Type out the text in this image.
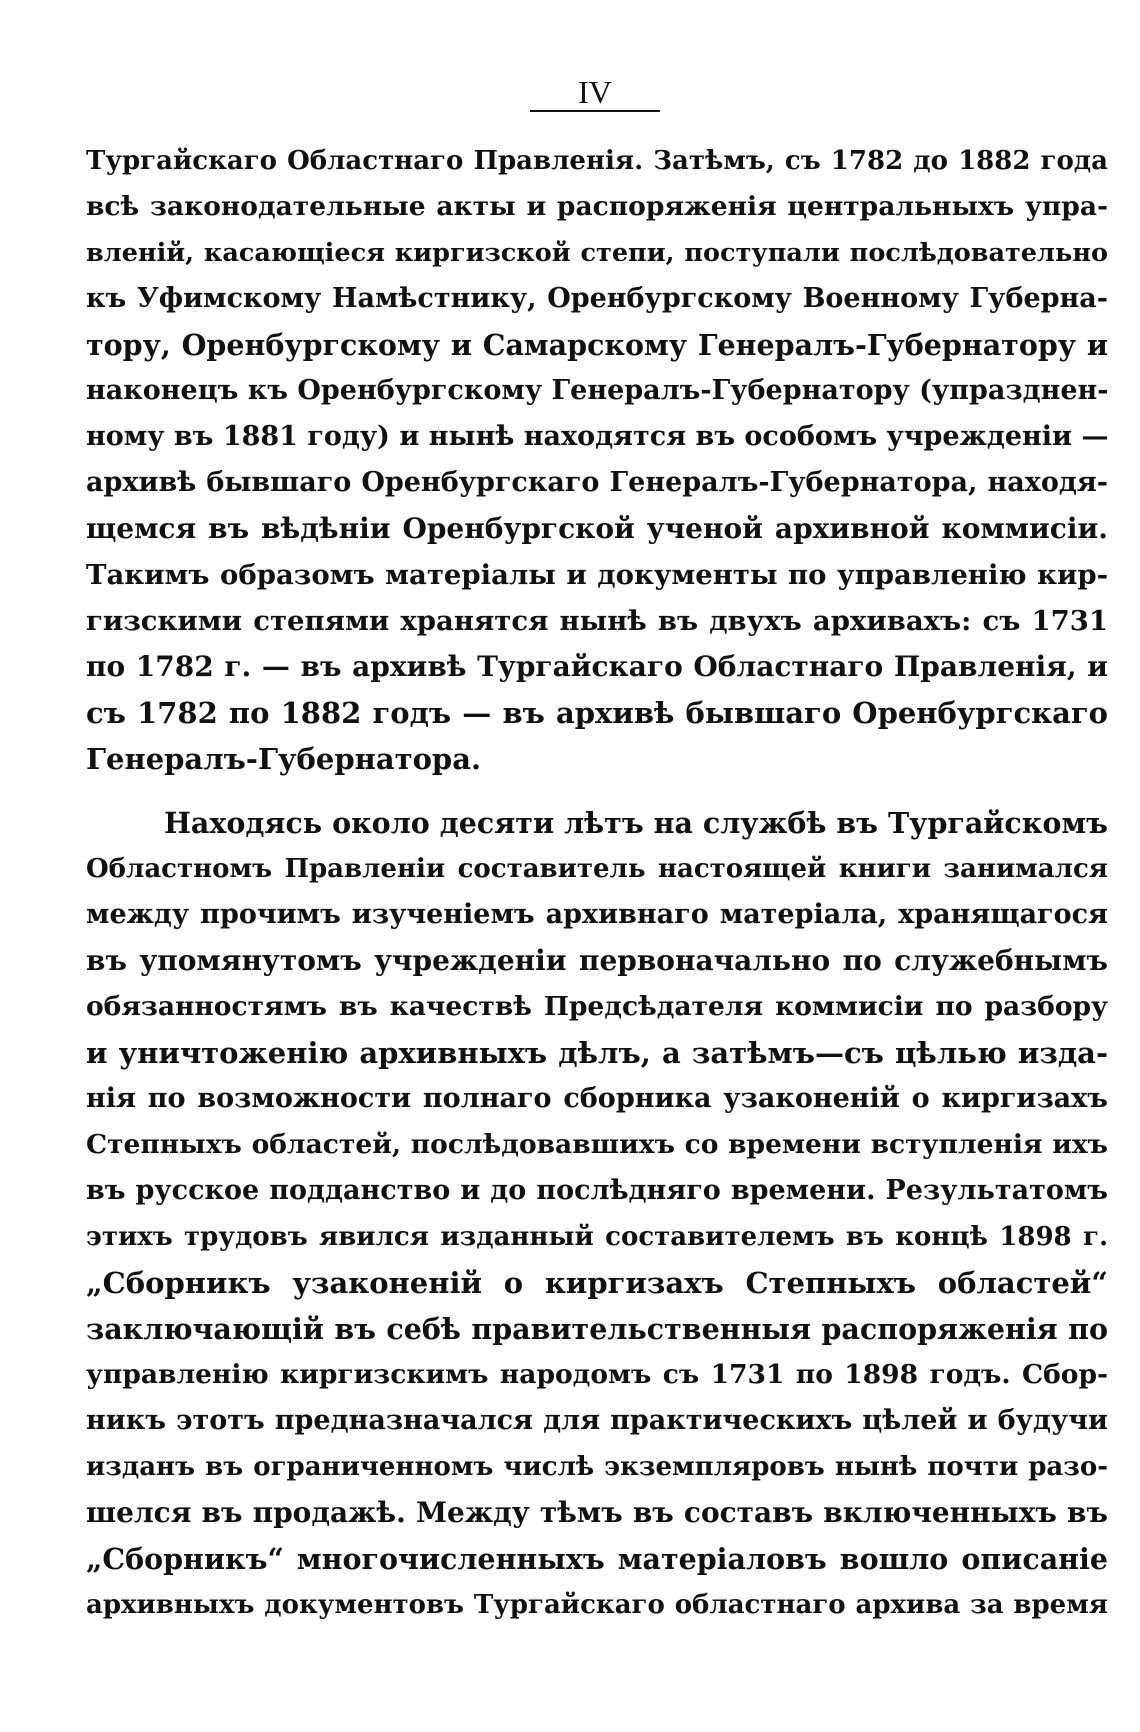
IV
Тургайскаго Областнаго Правленія. Затѣмъ, съ 1782 до 1882 года
всѣ законодательные акты и распоряженія центральныхъ упра-
вленій, касающіеся киргизской степи, поступали послѣдовательно
къ Уфимскому Намѣстнику, Оренбургскому Военному Губерна-
тору, Оренбургскому и Самарскому Генералъ-Губернатору и
наконецъ къ Оренбургскому Генералъ-Губернатору (упразднен-
ному въ 1881 году) и нынѣ находятся въ особомъ учрежденіи —
архивѣ бывшаго Оренбургскаго Генералъ-Губернатора, находя-
щемся въ вѣдѣніи Оренбургской ученой архивной коммисіи.
Такимъ образомъ матеріалы и документы по управленію кир-
гизскими степями хранятся нынѣ въ двухъ архивахъ: съ 1731
по 1782 г. — въ архивѣ Тургайскаго Областнаго Правленія, и
съ 1782 по 1882 годъ — въ архивѣ бывшаго Оренбургскаго
Генералъ-Губернатора.
Находясь около десяти лѣтъ на службѣ въ Тургайскомъ
Областномъ Правленіи составитель настоящей книги занимался
между прочимъ изученіемъ архивнаго матеріала, хранящагося
въ упомянутомъ учрежденіи первоначально по служебнымъ
обязанностямъ въ качествѣ Предсѣдателя коммисіи по разбору
и уничтоженію архивныхъ дѣлъ, а затѣмъ—съ цѣлью изда-
нія по возможности полнаго сборника узаконеній о киргизахъ
Степныхъ областей, послѣдовавшихъ со времени вступленія ихъ
въ русское подданство и до послѣдняго времени. Результатомъ
этихъ трудовъ явился изданный составителемъ въ концѣ 1898 г.
„Сборникъ узаконеній о киргизахъ Степныхъ областей“
заключающій въ себѣ правительственныя распоряженія по
управленію киргизскимъ народомъ съ 1731 по 1898 годъ. Сбор-
никъ этотъ предназначался для практическихъ цѣлей и будучи
изданъ въ ограниченномъ числѣ экземпляровъ нынѣ почти разо-
шелся въ продажѣ. Между тѣмъ въ составъ включенныхъ въ
„Сборникъ“ многочисленныхъ матеріаловъ вошло описаніе
архивныхъ документовъ Тургайскаго областнаго архива за время
